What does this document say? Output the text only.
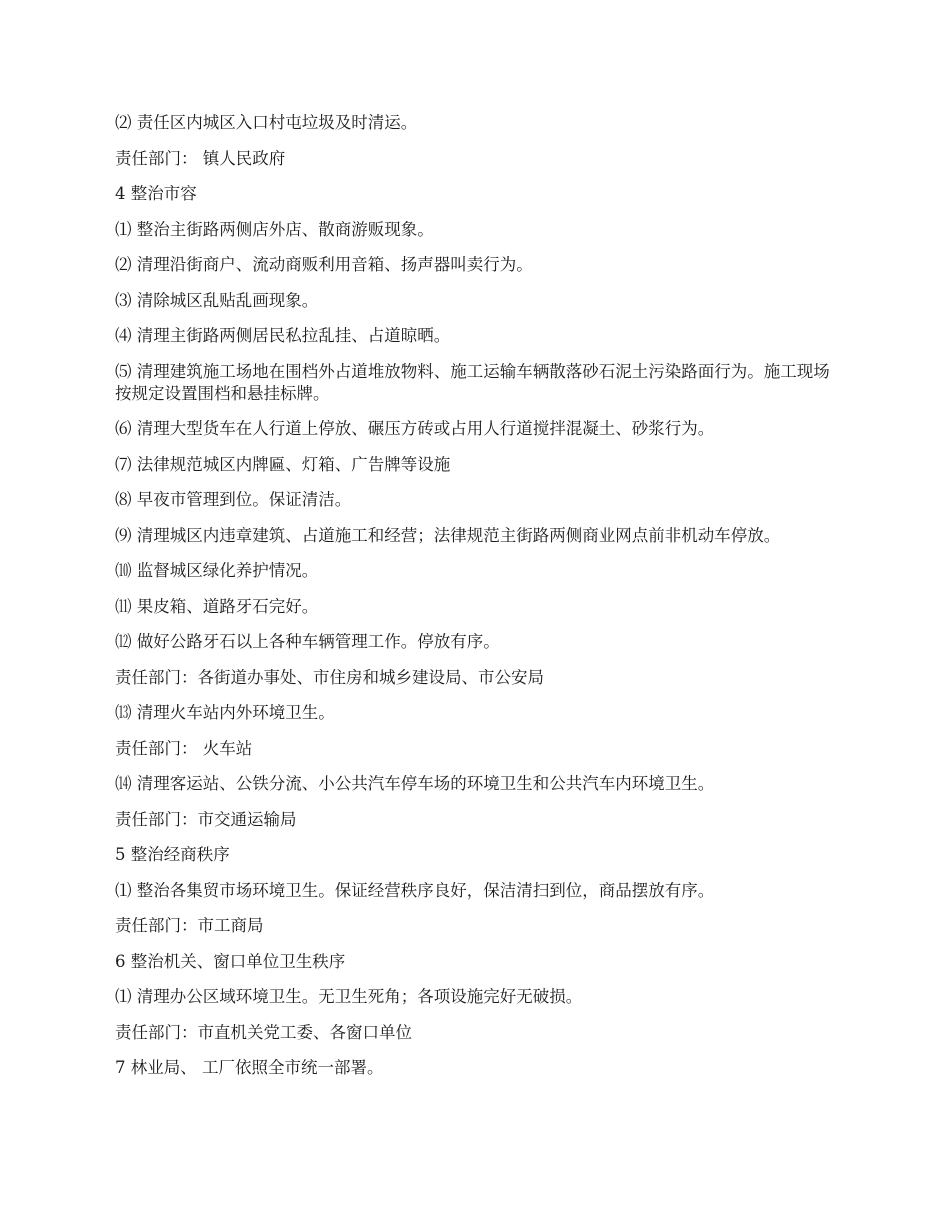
⑵ 责任区内城区入口村屯垃圾及时清运。

责任部门： 镇人民政府

4 整治市容

⑴ 整治主街路两侧店外店、散商游贩现象。

⑵ 清理沿街商户、流动商贩利用音箱、扬声器叫卖行为。

⑶ 清除城区乱贴乱画现象。

⑷ 清理主街路两侧居民私拉乱挂、占道晾晒。

⑸ 清理建筑施工场地在围档外占道堆放物料、施工运输车辆散落砂石泥土污染路面行为。施工现场按规定设置围档和悬挂标牌。

⑹ 清理大型货车在人行道上停放、碾压方砖或占用人行道搅拌混凝土、砂浆行为。

⑺ 法律规范城区内牌匾、灯箱、广告牌等设施

⑻ 早夜市管理到位。保证清洁。

⑼ 清理城区内违章建筑、占道施工和经营；法律规范主街路两侧商业网点前非机动车停放。

⑽ 监督城区绿化养护情况。

⑾ 果皮箱、道路牙石完好。

⑿ 做好公路牙石以上各种车辆管理工作。停放有序。

责任部门：各街道办事处、市住房和城乡建设局、市公安局

⒀ 清理火车站内外环境卫生。

责任部门： 火车站

⒁ 清理客运站、公铁分流、小公共汽车停车场的环境卫生和公共汽车内环境卫生。

责任部门：市交通运输局

5 整治经商秩序

⑴ 整治各集贸市场环境卫生。保证经营秩序良好，保洁清扫到位，商品摆放有序。

责任部门：市工商局

6 整治机关、窗口单位卫生秩序

⑴ 清理办公区域环境卫生。无卫生死角；各项设施完好无破损。

责任部门：市直机关党工委、各窗口单位

7 林业局、 工厂依照全市统一部署。
